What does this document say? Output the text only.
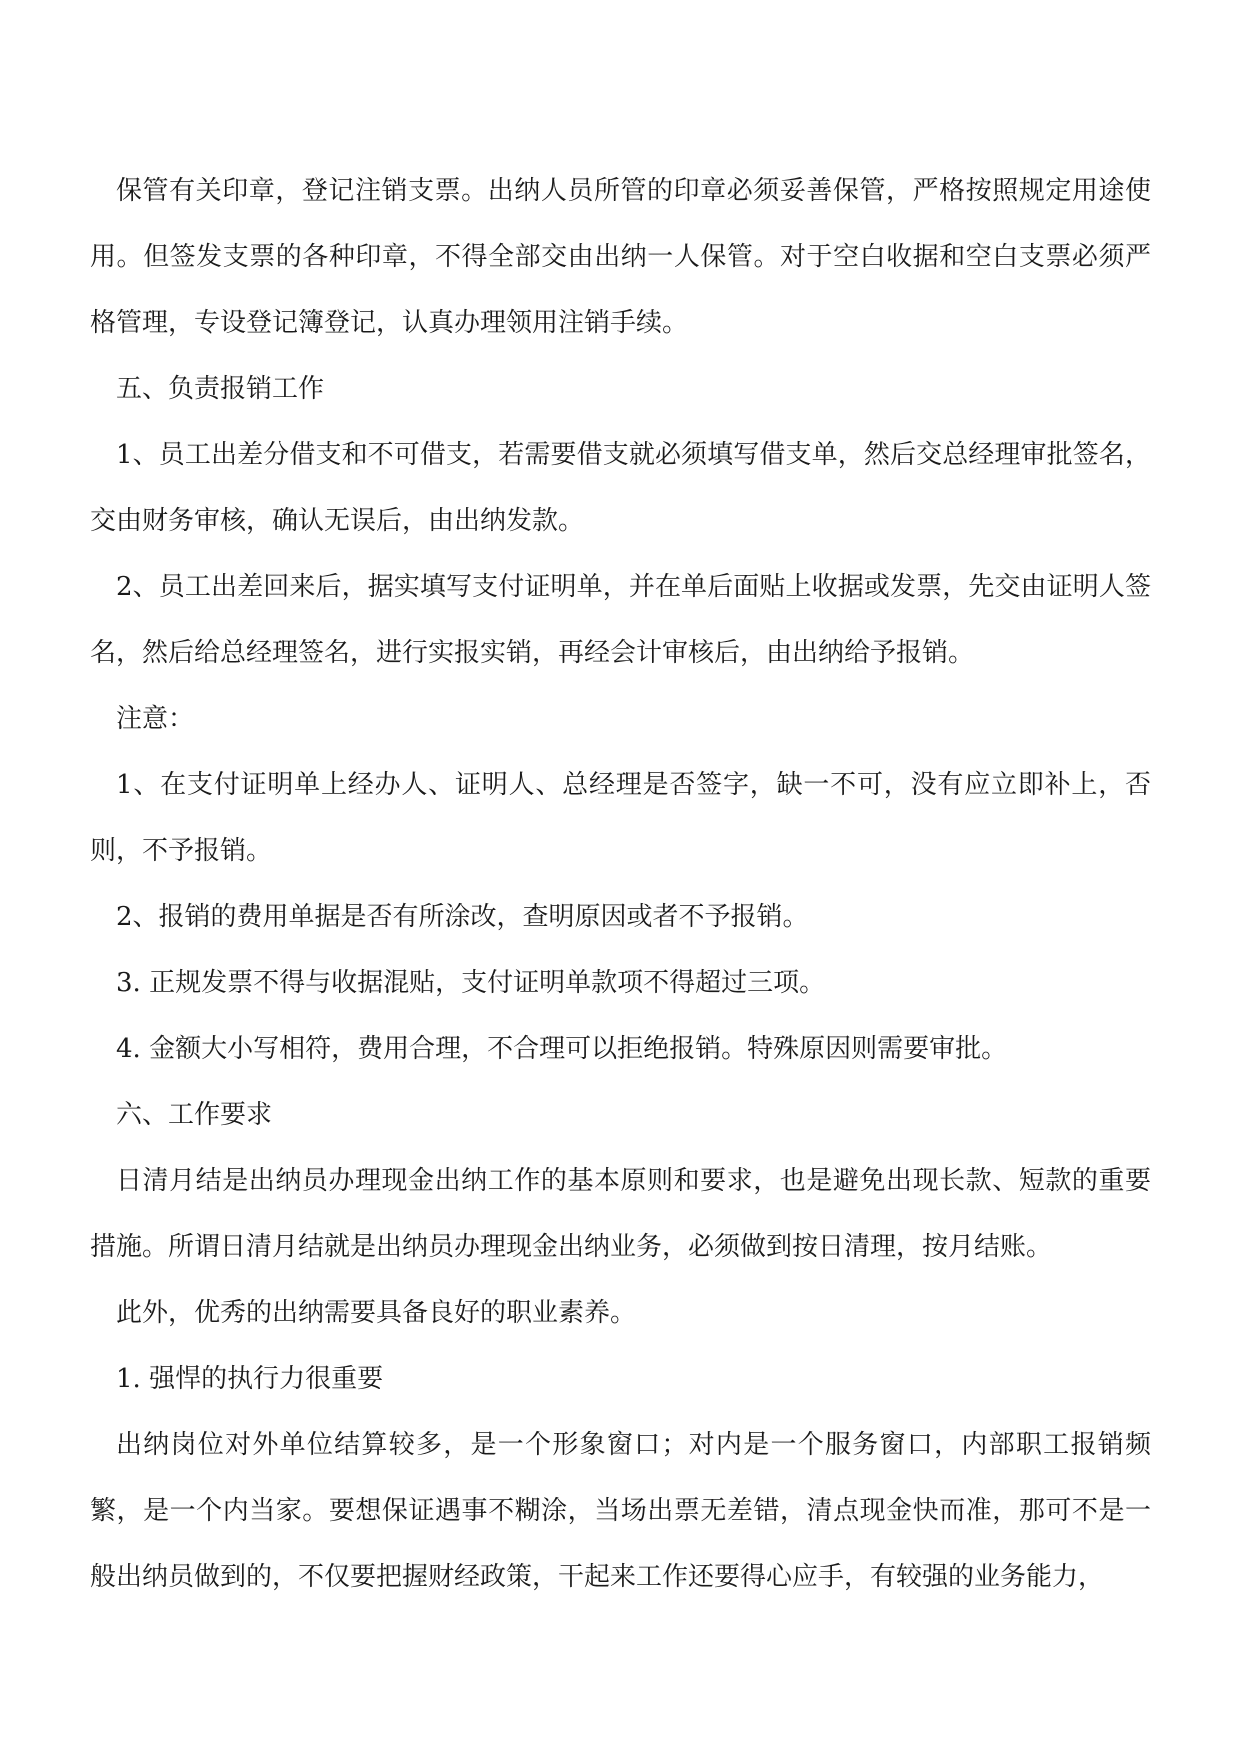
保管有关印章，登记注销支票。出纳人员所管的印章必须妥善保管，严格按照规定用途使用。但签发支票的各种印章，不得全部交由出纳一人保管。对于空白收据和空白支票必须严格管理，专设登记簿登记，认真办理领用注销手续。

五、负责报销工作

1、员工出差分借支和不可借支，若需要借支就必须填写借支单，然后交总经理审批签名，交由财务审核，确认无误后，由出纳发款。

2、员工出差回来后，据实填写支付证明单，并在单后面贴上收据或发票，先交由证明人签名，然后给总经理签名，进行实报实销，再经会计审核后，由出纳给予报销。

注意：

1、在支付证明单上经办人、证明人、总经理是否签字，缺一不可，没有应立即补上，否则，不予报销。

2、报销的费用单据是否有所涂改，查明原因或者不予报销。

3. 正规发票不得与收据混贴，支付证明单款项不得超过三项。

4. 金额大小写相符，费用合理，不合理可以拒绝报销。特殊原因则需要审批。

六、工作要求

日清月结是出纳员办理现金出纳工作的基本原则和要求，也是避免出现长款、短款的重要措施。所谓日清月结就是出纳员办理现金出纳业务，必须做到按日清理，按月结账。

此外，优秀的出纳需要具备良好的职业素养。

1. 强悍的执行力很重要

出纳岗位对外单位结算较多，是一个形象窗口；对内是一个服务窗口，内部职工报销频繁，是一个内当家。要想保证遇事不糊涂，当场出票无差错，清点现金快而准，那可不是一般出纳员做到的，不仅要把握财经政策，干起来工作还要得心应手，有较强的业务能力，
